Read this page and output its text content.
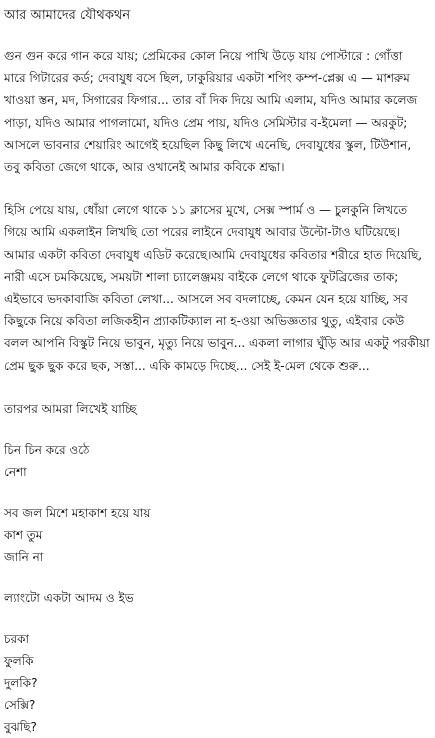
আর আমাদের যৌথকথন
গুন গুন করে গান করে যায়; প্রেমিকের কোল নিয়ে পাখি উড়ে যায় পোস্টারে : গোঁত্তা
মারে গিটারের কর্ড; দেবাযুধ বসে ছিল, ঢাকুরিয়ার একটা শপিং কম্প-প্লেক্স এ — মাশরুম
খাওয়া স্তন, মদ, সিগারের ফিগার... তার বাঁ দিক দিয়ে আমি এলাম, যদিও আমার কলেজ
পাড়া, যদিও আমার পাগলামো, যদিও প্রেম পায়, যদিও সেমিস্টার ব-ইমেলা — অরকুট;
আসলে ভাবনার শেয়ারিং আগেই হয়েছিল কিছু লিখে এনেছি, দেবাযুধের স্কুল, টিউশান,
তবু কবিতা জেগে থাকে, আর ওখানেই আমার কবিকে শ্রদ্ধা।
হিসি পেয়ে যায়, ধোঁয়া লেগে থাকে ১১ ক্লাসের মুখে, সেক্স স্পার্ম ও — চুলকুনি লিখতে
গিয়ে আমি একলাইন লিখছি তো পরের লাইনে দেবাযুধ আবার উল্টো-টাও ঘটিয়েছে।
আমার একটা কবিতা দেবাযুধ এডিট করেছে।আমি দেবাযুধের কবিতার শরীরে হাত দিয়েছি,
নারী এসে চমকিয়েছে, সময়টা শালা চ্যালেঞ্জময় বাইকে লেগে থাকে ফুটব্রিজের তাক;
এইভাবে ভদকাবাজি কবিতা লেখা... আসলে সব বদলাচ্ছে, কেমন যেন হয়ে যাচ্ছি, সব
কিছুকে নিয়ে কবিতা লজিকহীন প্র্যাকটিক্যাল না হ-ওয়া অভিজ্ঞতার থুতু, এইবার কেউ
বলল আপনি বিস্কুট নিয়ে ভাবুন, মৃত্যু নিয়ে ভাবুন... একলা লাগার ঘুঁড়ি আর একটু পরকীয়া
প্রেম ছুক ছুক করে ছক, সস্তা... একি কামড়ে দিচ্ছে... সেই ই-মেল থেকে শুরু...
তারপর আমরা লিখেই যাচ্ছি
চিন চিন করে ওঠে
নেশা
সব জল মিশে মহাকাশ হয়ে যায়
কাশ তুম
জানি না
ল্যাংটো একটা আদম ও ইভ
চরকা
ফুলকি
দুলকি?
সেক্সি?
বুঝছি?
